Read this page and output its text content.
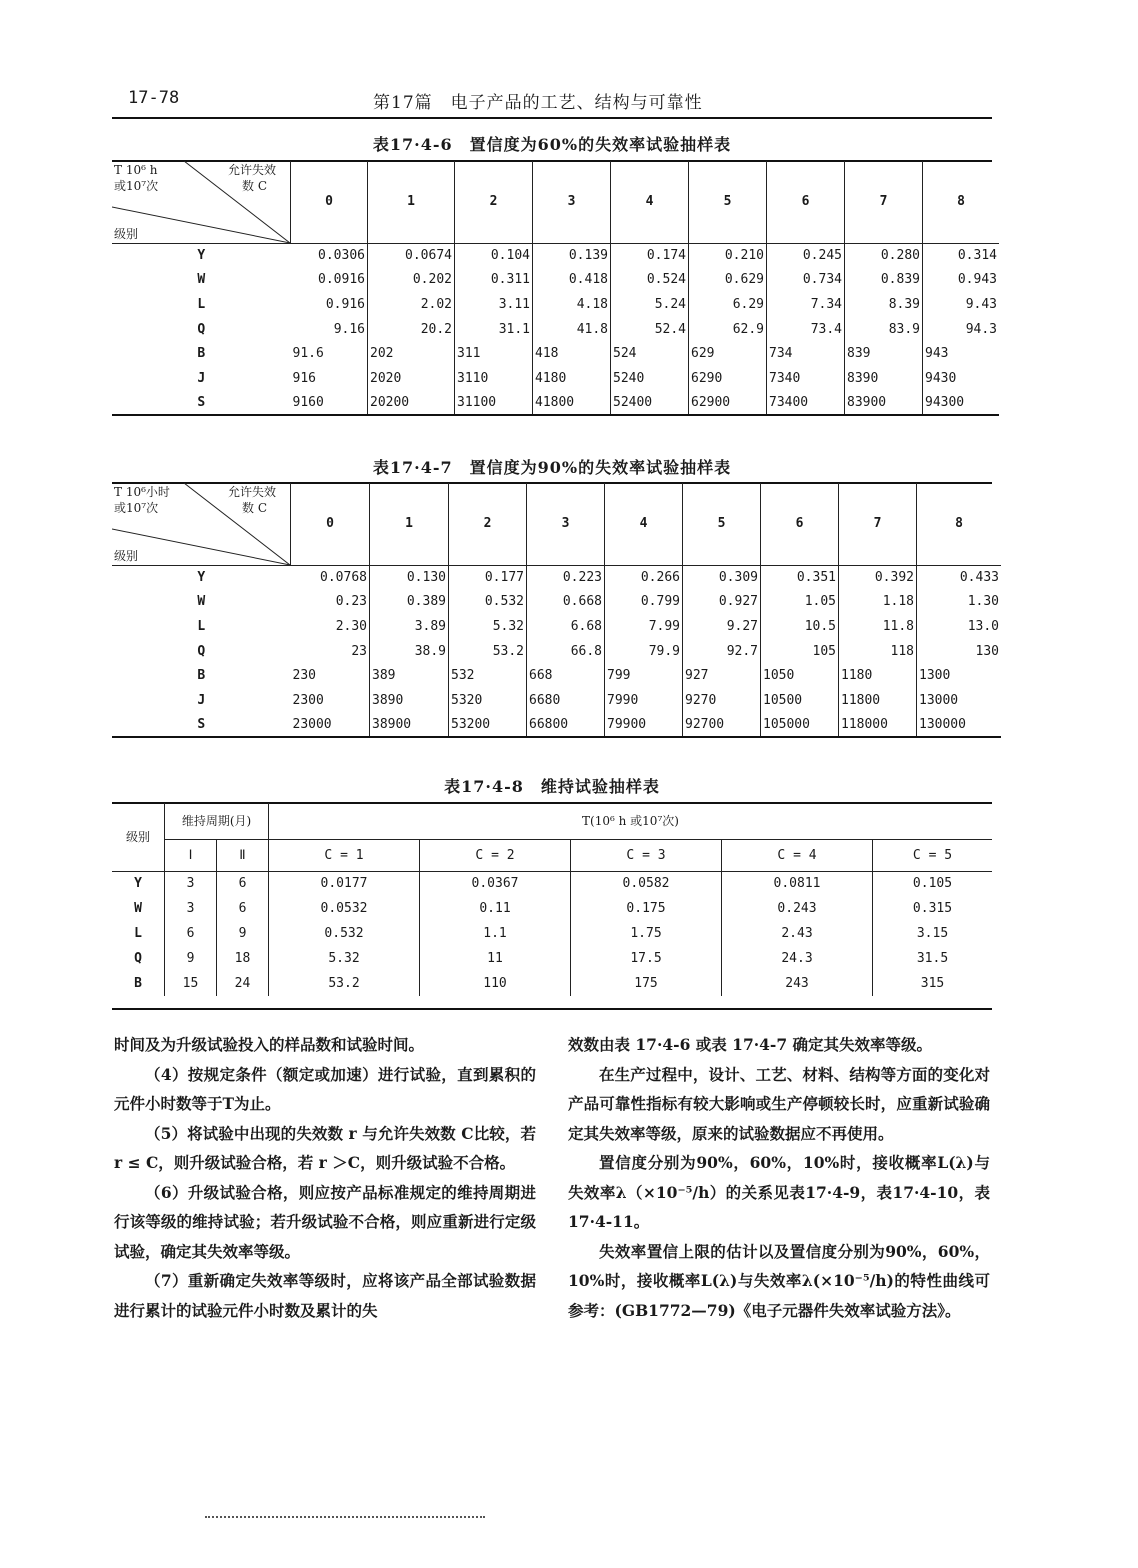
17-78	第17篇　电子产品的工艺、结构与可靠性
表17·4-6　置信度为60%的失效率试验抽样表
T 10⁶ h
或10⁷次
允许失效
数 C
级别	0	1	2	3	4	5	6	7	8
Y	0.0306	0.0674	0.104	0.139	0.174	0.210	0.245	0.280	0.314
W	0.0916	0.202	0.311	0.418	0.524	0.629	0.734	0.839	0.943
L	0.916	2.02	3.11	4.18	5.24	6.29	7.34	8.39	9.43
Q	9.16	20.2	31.1	41.8	52.4	62.9	73.4	83.9	94.3
B	91.6	202	311	418	524	629	734	839	943
J	916	2020	3110	4180	5240	6290	7340	8390	9430
S	9160	20200	31100	41800	52400	62900	73400	83900	94300
表17·4-7　置信度为90%的失效率试验抽样表
T 10⁶小时
或10⁷次
允许失效
数 C
级别	0	1	2	3	4	5	6	7	8
Y	0.0768	0.130	0.177	0.223	0.266	0.309	0.351	0.392	0.433
W	0.23	0.389	0.532	0.668	0.799	0.927	1.05	1.18	1.30
L	2.30	3.89	5.32	6.68	7.99	9.27	10.5	11.8	13.0
Q	23	38.9	53.2	66.8	79.9	92.7	105	118	130
B	230	389	532	668	799	927	1050	1180	1300
J	2300	3890	5320	6680	7990	9270	10500	11800	13000
S	23000	38900	53200	66800	79900	92700	105000	118000	130000
表17·4-8　维持试验抽样表
级别	维持周期(月)		T(10⁶ h 或10⁷次)				
	Ⅰ	Ⅱ	C = 1	C = 2	C = 3	C = 4	C = 5
Y	3	6	0.0177	0.0367	0.0582	0.0811	0.105
W	3	6	0.0532	0.11	0.175	0.243	0.315
L	6	9	0.532	1.1	1.75	2.43	3.15
Q	9	18	5.32	11	17.5	24.3	31.5
B	15	24	53.2	110	175	243	315

时间及为升级试验投入的样品数和试验时间。

（4）按规定条件（额定或加速）进行试验，直到累积的元件小时数等于T为止。

（5）将试验中出现的失效数 r 与允许失效数 C比较，若 r ≤ C，则升级试验合格，若 r ＞C，则升级试验不合格。

（6）升级试验合格，则应按产品标准规定的维持周期进行该等级的维持试验；若升级试验不合格，则应重新进行定级试验，确定其失效率等级。

（7）重新确定失效率等级时，应将该产品全部试验数据进行累计的试验元件小时数及累计的失

效数由表 17·4-6 或表 17·4-7 确定其失效率等级。

在生产过程中，设计、工艺、材料、结构等方面的变化对产品可靠性指标有较大影响或生产停顿较长时，应重新试验确定其失效率等级，原来的试验数据应不再使用。

置信度分别为90%，60%，10%时，接收概率L(λ)与失效率λ（×10⁻⁵/h）的关系见表17·4-9，表17·4-10，表17·4-11。

失效率置信上限的估计以及置信度分别为90%，60%，10%时，接收概率L(λ)与失效率λ(×10⁻⁵/h)的特性曲线可参考：(GB1772—79)《电子元器件失效率试验方法》。
